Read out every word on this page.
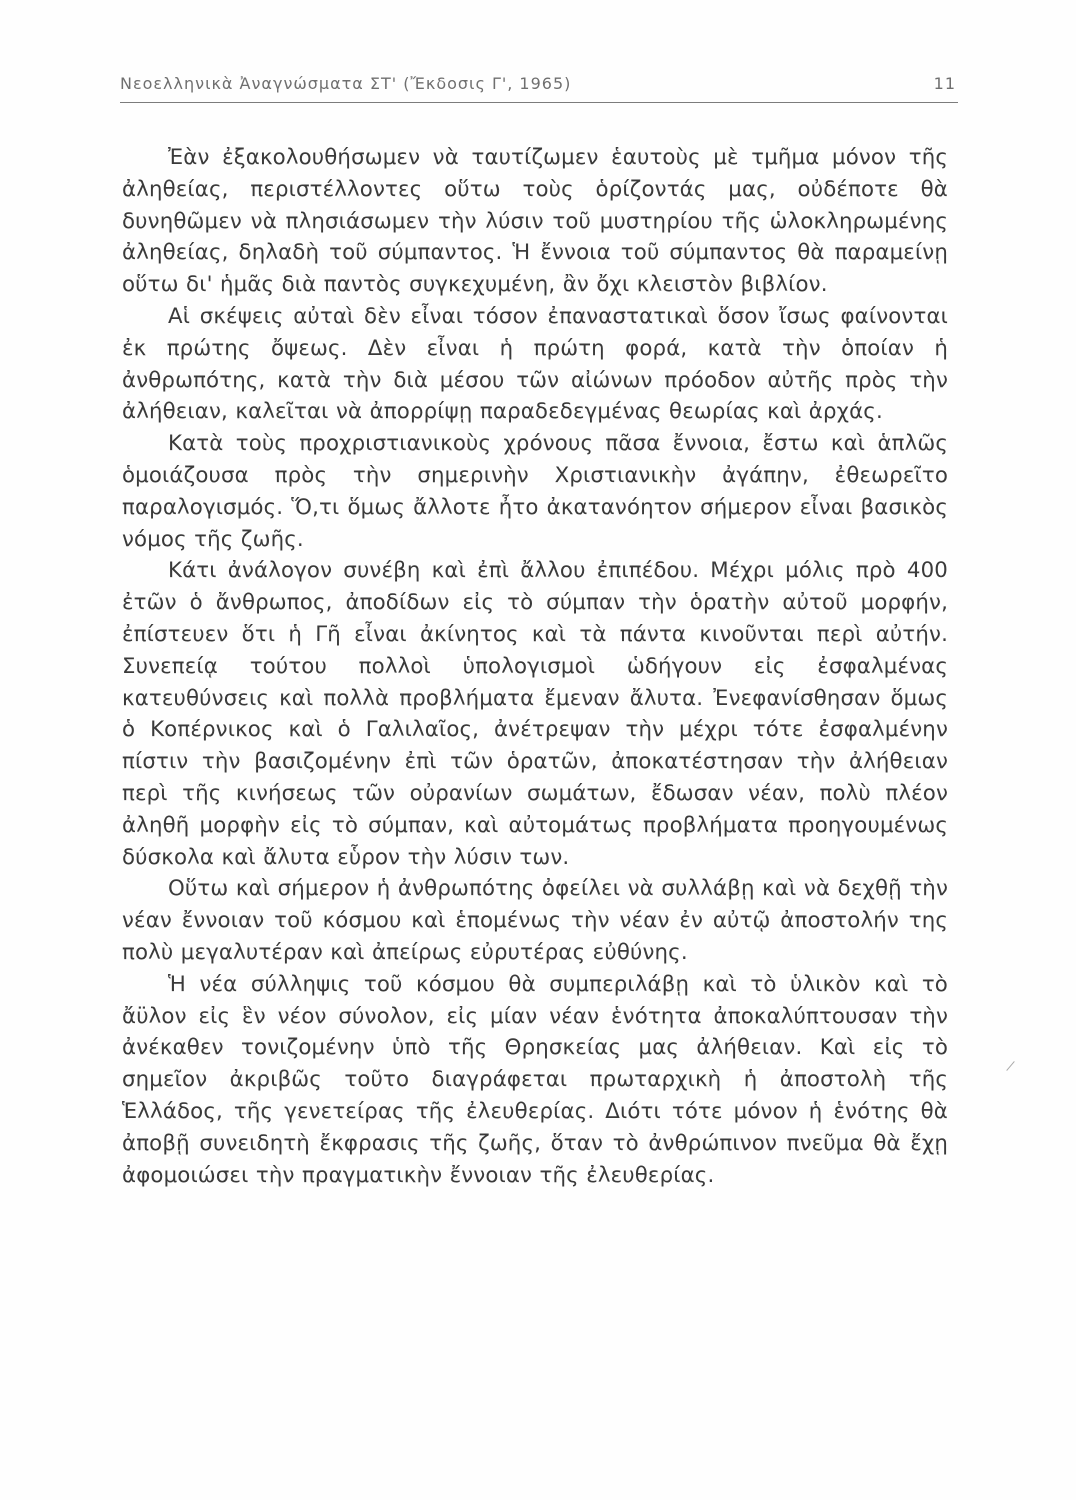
Νεοελληνικὰ Ἀναγνώσματα ΣΤ' (Ἔκδοσις Γ', 1965)	11

Ἐὰν ἐξακολουθήσωμεν νὰ ταυτίζωμεν ἑαυτοὺς μὲ τμῆμα μόνον τῆς ἀληθείας, περιστέλλοντες οὕτω τοὺς ὁρίζοντάς μας, οὐδέποτε θὰ δυνηθῶμεν νὰ πλησιάσωμεν τὴν λύσιν τοῦ μυστηρίου τῆς ὡλοκληρωμένης ἀληθείας, δηλαδὴ τοῦ σύμπαντος. Ἡ ἔννοια τοῦ σύμπαντος θὰ παραμείνῃ οὕτω δι' ἡμᾶς διὰ παντὸς συγκεχυμένη, ἂν ὄχι κλειστὸν βιβλίον.

Αἱ σκέψεις αὐταὶ δὲν εἶναι τόσον ἐπαναστατικαὶ ὅσον ἴσως φαίνονται ἐκ πρώτης ὄψεως. Δὲν εἶναι ἡ πρώτη φορά, κατὰ τὴν ὁποίαν ἡ ἀνθρωπότης, κατὰ τὴν διὰ μέσου τῶν αἰώνων πρόοδον αὐτῆς πρὸς τὴν ἀλήθειαν, καλεῖται νὰ ἀπορρίψῃ παραδεδεγμένας θεωρίας καὶ ἀρχάς.

Κατὰ τοὺς προχριστιανικοὺς χρόνους πᾶσα ἔννοια, ἔστω καὶ ἁπλῶς ὁμοιάζουσα πρὸς τὴν σημερινὴν Χριστιανικὴν ἀγάπην, ἐθεωρεῖτο παραλογισμός. Ὅ,τι ὅμως ἄλλοτε ἦτο ἀκατανόητον σήμερον εἶναι βασικὸς νόμος τῆς ζωῆς.

Κάτι ἀνάλογον συνέβη καὶ ἐπὶ ἄλλου ἐπιπέδου. Μέχρι μόλις πρὸ 400 ἐτῶν ὁ ἄνθρωπος, ἀποδίδων εἰς τὸ σύμπαν τὴν ὁρατὴν αὐτοῦ μορφήν, ἐπίστευεν ὅτι ἡ Γῆ εἶναι ἀκίνητος καὶ τὰ πάντα κινοῦνται περὶ αὐτήν. Συνεπείᾳ τούτου πολλοὶ ὑπολογισμοὶ ὡδήγουν εἰς ἐσφαλμένας κατευθύνσεις καὶ πολλὰ προβλήματα ἔμεναν ἄλυτα. Ἐνεφανίσθησαν ὅμως ὁ Κοπέρνικος καὶ ὁ Γαλιλαῖος, ἀνέτρεψαν τὴν μέχρι τότε ἐσφαλμένην πίστιν τὴν βασιζομένην ἐπὶ τῶν ὁρατῶν, ἀποκατέστησαν τὴν ἀλήθειαν περὶ τῆς κινήσεως τῶν οὐρανίων σωμάτων, ἔδωσαν νέαν, πολὺ πλέον ἀληθῆ μορφὴν εἰς τὸ σύμπαν, καὶ αὐτομάτως προβλήματα προηγουμένως δύσκολα καὶ ἄλυτα εὗρον τὴν λύσιν των.

Οὕτω καὶ σήμερον ἡ ἀνθρωπότης ὀφείλει νὰ συλλάβῃ καὶ νὰ δεχθῇ τὴν νέαν ἔννοιαν τοῦ κόσμου καὶ ἑπομένως τὴν νέαν ἐν αὐτῷ ἀποστολήν της πολὺ μεγαλυτέραν καὶ ἀπείρως εὐρυτέρας εὐθύνης.

Ἡ νέα σύλληψις τοῦ κόσμου θὰ συμπεριλάβῃ καὶ τὸ ὑλικὸν καὶ τὸ ἄϋλον εἰς ἓν νέον σύνολον, εἰς μίαν νέαν ἑνότητα ἀποκαλύπτουσαν τὴν ἀνέκαθεν τονιζομένην ὑπὸ τῆς Θρησκείας μας ἀλήθειαν. Καὶ εἰς τὸ σημεῖον ἀκριβῶς τοῦτο διαγράφεται πρωταρχικὴ ἡ ἀποστολὴ τῆς Ἑλλάδος, τῆς γενετείρας τῆς ἐλευθερίας. Διότι τότε μόνον ἡ ἑνότης θὰ ἀποβῇ συνειδητὴ ἔκφρασις τῆς ζωῆς, ὅταν τὸ ἀνθρώπινον πνεῦμα θὰ ἔχῃ ἀφομοιώσει τὴν πραγματικὴν ἔννοιαν τῆς ἐλευθερίας.
